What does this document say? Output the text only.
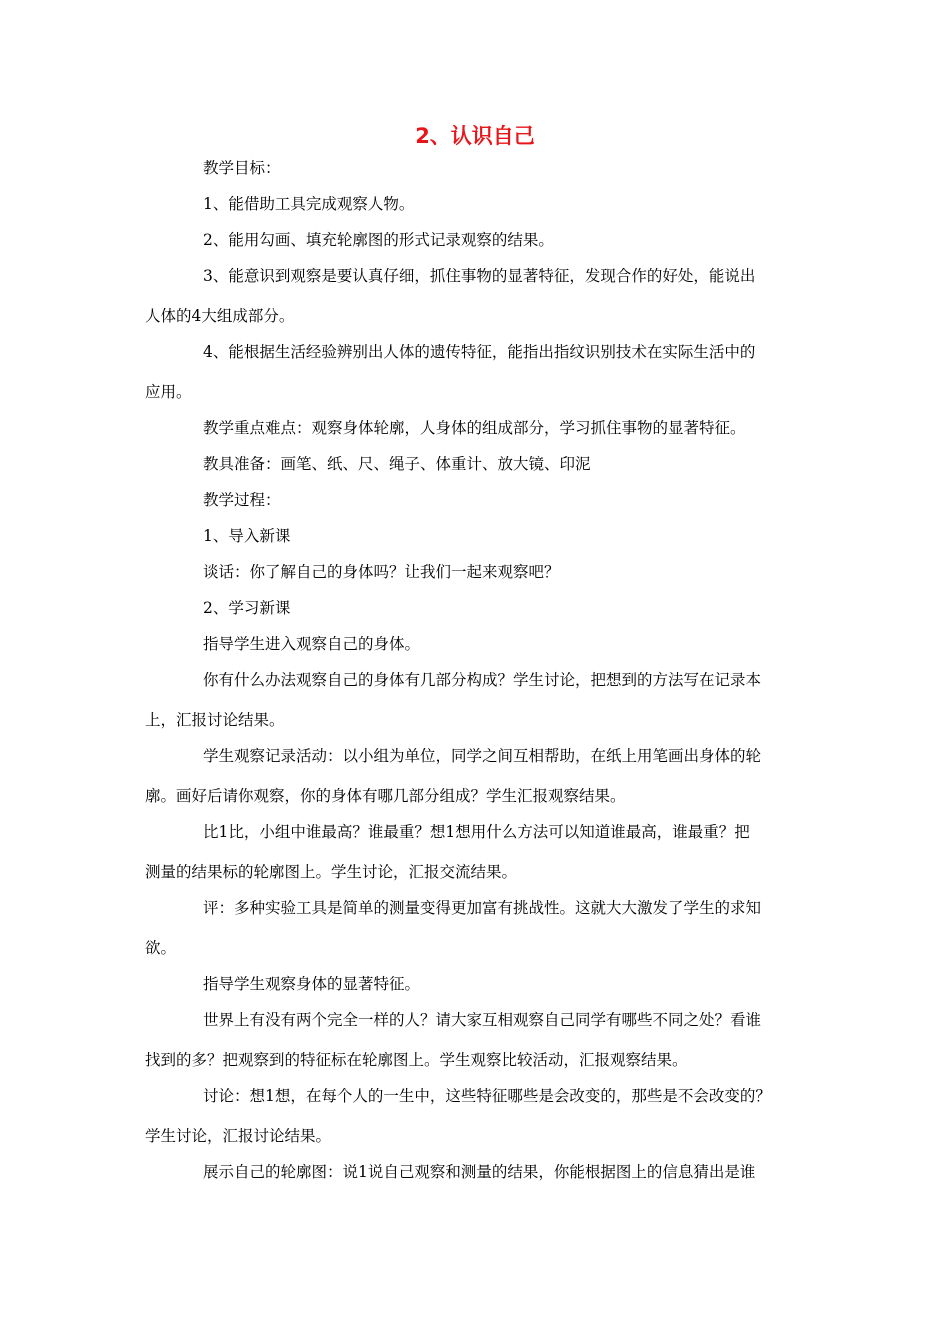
2、认识自己
教学目标：
1、能借助工具完成观察人物。
2、能用勾画、填充轮廓图的形式记录观察的结果。
3、能意识到观察是要认真仔细，抓住事物的显著特征，发现合作的好处，能说出
人体的4大组成部分。
4、能根据生活经验辨别出人体的遗传特征，能指出指纹识别技术在实际生活中的
应用。
教学重点难点：观察身体轮廓，人身体的组成部分，学习抓住事物的显著特征。
教具准备：画笔、纸、尺、绳子、体重计、放大镜、印泥
教学过程：
1、导入新课
谈话：你了解自己的身体吗？让我们一起来观察吧？
2、学习新课
指导学生进入观察自己的身体。
你有什么办法观察自己的身体有几部分构成？学生讨论，把想到的方法写在记录本
上，汇报讨论结果。
学生观察记录活动：以小组为单位，同学之间互相帮助，在纸上用笔画出身体的轮
廓。画好后请你观察，你的身体有哪几部分组成？学生汇报观察结果。
比1比，小组中谁最高？谁最重？想1想用什么方法可以知道谁最高，谁最重？把
测量的结果标的轮廓图上。学生讨论，汇报交流结果。
评：多种实验工具是简单的测量变得更加富有挑战性。这就大大激发了学生的求知
欲。
指导学生观察身体的显著特征。
世界上有没有两个完全一样的人？请大家互相观察自己同学有哪些不同之处？看谁
找到的多？把观察到的特征标在轮廓图上。学生观察比较活动，汇报观察结果。
讨论：想1想，在每个人的一生中，这些特征哪些是会改变的，那些是不会改变的？
学生讨论，汇报讨论结果。
展示自己的轮廓图：说1说自己观察和测量的结果，你能根据图上的信息猜出是谁
